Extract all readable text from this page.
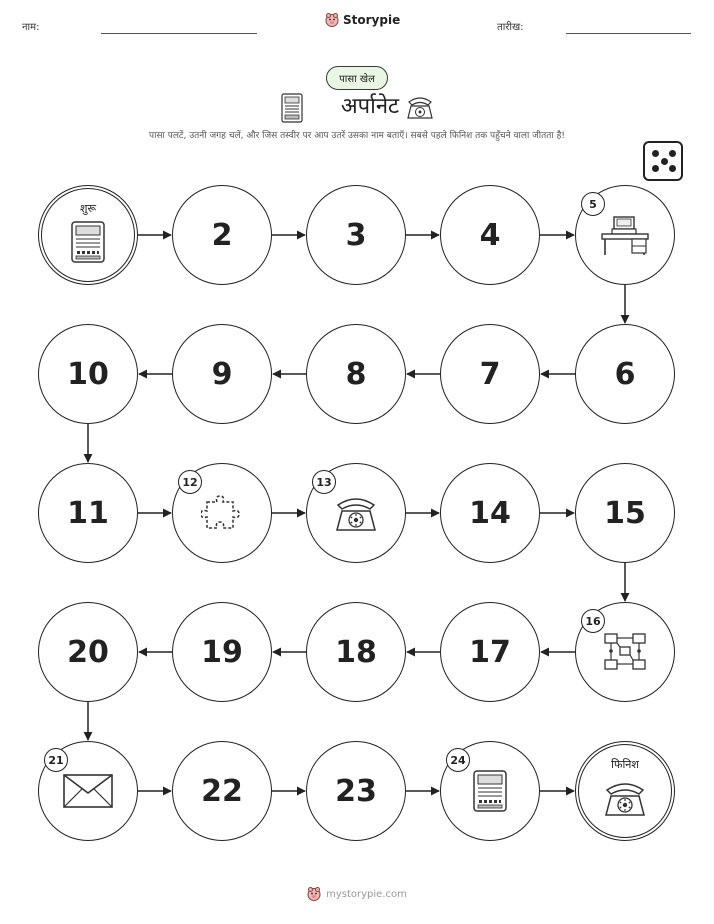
नाम:
Storypie
तारीख:
पासा खेल
अर्पानेट
पासा पलटें, उतनी जगह चलें, और जिस तस्वीर पर आप उतरें उसका नाम बताएँ। सबसे पहले फिनिश तक पहुँचने वाला जीतता है!
शुरू
2	3	4
5
6
7
8
9
10
11
12	13
14	15
16
17
18
19
20
21
22	23
24	फिनिश
mystorypie.com
